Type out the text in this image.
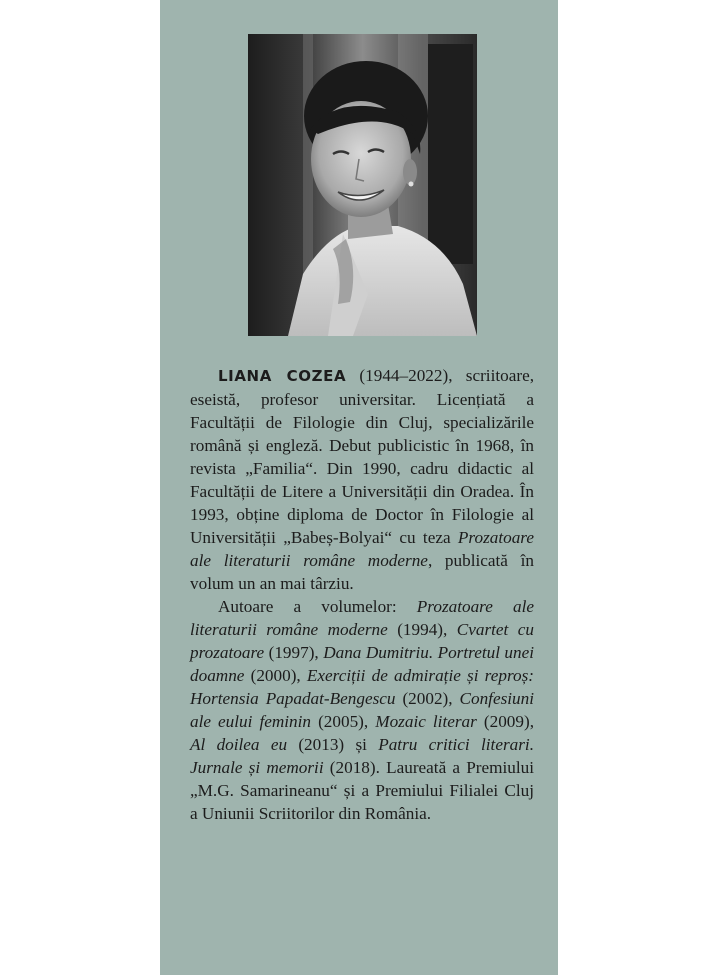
LIANA COZEA (1944–2022), scriitoare, eseistă, profesor universitar. Licențiată a Facultății de Filologie din Cluj, specializările română și engleză. Debut publicistic în 1968, în revista „Familia“. Din 1990, cadru didactic al Facultății de Litere a Universității din Oradea. În 1993, obține diploma de Doctor în Filologie al Universității „Babeș-Bolyai“ cu teza Prozatoare ale literaturii române moderne, publicată în volum un an mai târziu.

Autoare a volumelor: Prozatoare ale literaturii române moderne (1994), Cvartet cu prozatoare (1997), Dana Dumitriu. Portretul unei doamne (2000), Exerciții de admirație și reproș: Hortensia Papadat-Bengescu (2002), Confesiuni ale eului feminin (2005), Mozaic literar (2009), Al doilea eu (2013) și Patru critici literari. Jurnale și memorii (2018). Laureată a Premiului „M.G. Samarineanu“ și a Premiului Filialei Cluj a Uniunii Scriitorilor din România.
